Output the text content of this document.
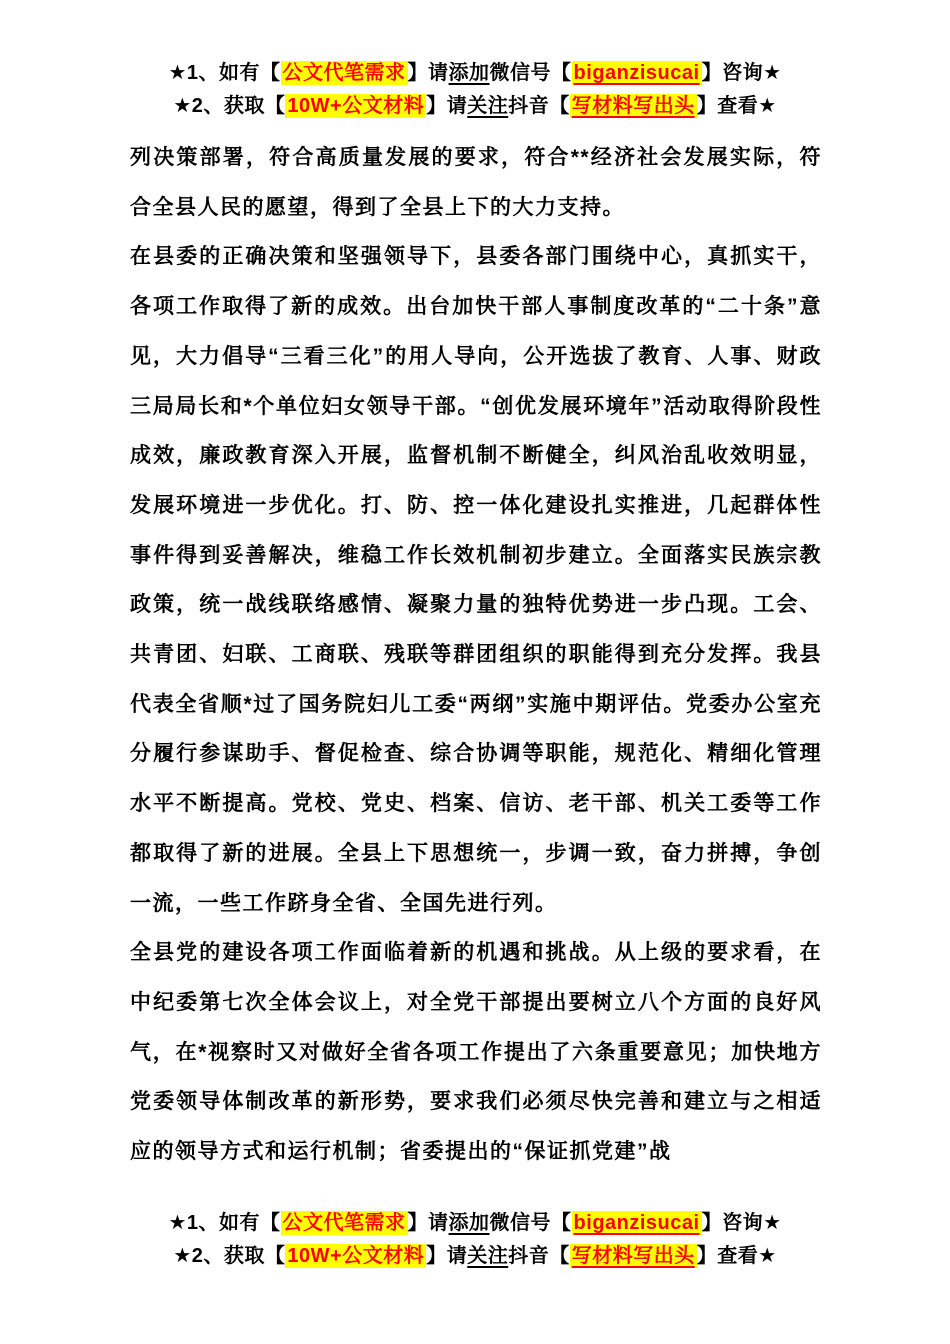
★1、如有【 公文代笔需求 】请添加微信号【 biganzisucai 】咨询★
★2、获取【 10W+公文材料 】请关注抖音【 写材料写出头 】查看★

列决策部署，符合高质量发展的要求，符合**经济社会发展实际，符合全县人民的愿望，得到了全县上下的大力支持。

在县委的正确决策和坚强领导下，县委各部门围绕中心，真抓实干，各项工作取得了新的成效。出台加快干部人事制度改革的“二十条”意见，大力倡导“三看三化”的用人导向，公开选拔了教育、人事、财政三局局长和*个单位妇女领导干部。“创优发展环境年”活动取得阶段性成效，廉政教育深入开展，监督机制不断健全，纠风治乱收效明显，发展环境进一步优化。打、防、控一体化建设扎实推进，几起群体性事件得到妥善解决，维稳工作长效机制初步建立。全面落实民族宗教政策，统一战线联络感情、凝聚力量的独特优势进一步凸现。工会、共青团、妇联、工商联、残联等群团组织的职能得到充分发挥。我县代表全省顺*过了国务院妇儿工委“两纲”实施中期评估。党委办公室充分履行参谋助手、督促检查、综合协调等职能，规范化、精细化管理水平不断提高。党校、党史、档案、信访、老干部、机关工委等工作都取得了新的进展。全县上下思想统一，步调一致，奋力拼搏，争创一流，一些工作跻身全省、全国先进行列。

全县党的建设各项工作面临着新的机遇和挑战。从上级的要求看，在中纪委第七次全体会议上，对全党干部提出要树立八个方面的良好风气，在*视察时又对做好全省各项工作提出了六条重要意见；加快地方党委领导体制改革的新形势，要求我们必须尽快完善和建立与之相适应的领导方式和运行机制；省委提出的“保证抓党建”战

★1、如有【 公文代笔需求 】请添加微信号【 biganzisucai 】咨询★
★2、获取【 10W+公文材料 】请关注抖音【 写材料写出头 】查看★
